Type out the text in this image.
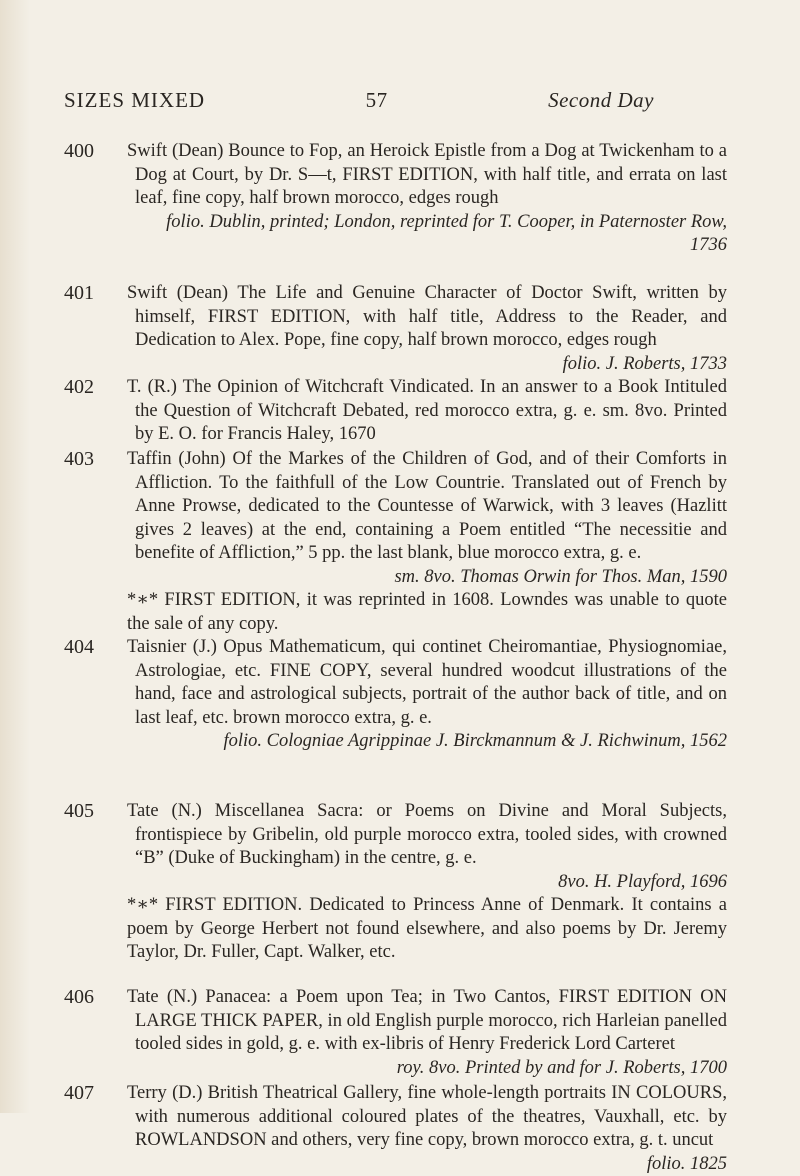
SIZES MIXED	57	Second Day
400	Swift (Dean) Bounce to Fop, an Heroick Epistle from a Dog at Twickenham to a Dog at Court, by Dr. S—t, FIRST EDITION, with half title, and errata on last leaf, fine copy, half brown morocco, edges rough

folio. Dublin, printed; London, reprinted for T. Cooper, in Paternoster Row, 1736

401	Swift (Dean) The Life and Genuine Character of Doctor Swift, written by himself, FIRST EDITION, with half title, Address to the Reader, and Dedication to Alex. Pope, fine copy, half brown morocco, edges rough

folio. J. Roberts, 1733

402	T. (R.) The Opinion of Witchcraft Vindicated. In an answer to a Book Intituled the Question of Witchcraft Debated, red morocco extra, g. e. sm. 8vo. Printed by E. O. for Francis Haley, 1670

403	Taffin (John) Of the Markes of the Children of God, and of their Comforts in Affliction. To the faithfull of the Low Countrie. Translated out of French by Anne Prowse, dedicated to the Countesse of Warwick, with 3 leaves (Hazlitt gives 2 leaves) at the end, containing a Poem entitled “The necessitie and benefite of Affliction,” 5 pp. the last blank, blue morocco extra, g. e.

sm. 8vo. Thomas Orwin for Thos. Man, 1590

*∗* FIRST EDITION, it was reprinted in 1608. Lowndes was unable to quote the sale of any copy.

404	Taisnier (J.) Opus Mathematicum, qui continet Cheiromantiae, Physiognomiae, Astrologiae, etc. FINE COPY, several hundred woodcut illustrations of the hand, face and astrological subjects, portrait of the author back of title, and on last leaf, etc. brown morocco extra, g. e.

folio. Cologniae Agrippinae J. Birckmannum & J. Richwinum, 1562

405	Tate (N.) Miscellanea Sacra: or Poems on Divine and Moral Subjects, frontispiece by Gribelin, old purple morocco extra, tooled sides, with crowned “B” (Duke of Buckingham) in the centre, g. e.

8vo. H. Playford, 1696

*∗* FIRST EDITION. Dedicated to Princess Anne of Denmark. It contains a poem by George Herbert not found elsewhere, and also poems by Dr. Jeremy Taylor, Dr. Fuller, Capt. Walker, etc.

406	Tate (N.) Panacea: a Poem upon Tea; in Two Cantos, FIRST EDITION ON LARGE THICK PAPER, in old English purple morocco, rich Harleian panelled tooled sides in gold, g. e. with ex-libris of Henry Frederick Lord Carteret

roy. 8vo. Printed by and for J. Roberts, 1700

407	Terry (D.) British Theatrical Gallery, fine whole-length portraits IN COLOURS, with numerous additional coloured plates of the theatres, Vauxhall, etc. by ROWLANDSON and others, very fine copy, brown morocco extra, g. t. uncut

folio. 1825
